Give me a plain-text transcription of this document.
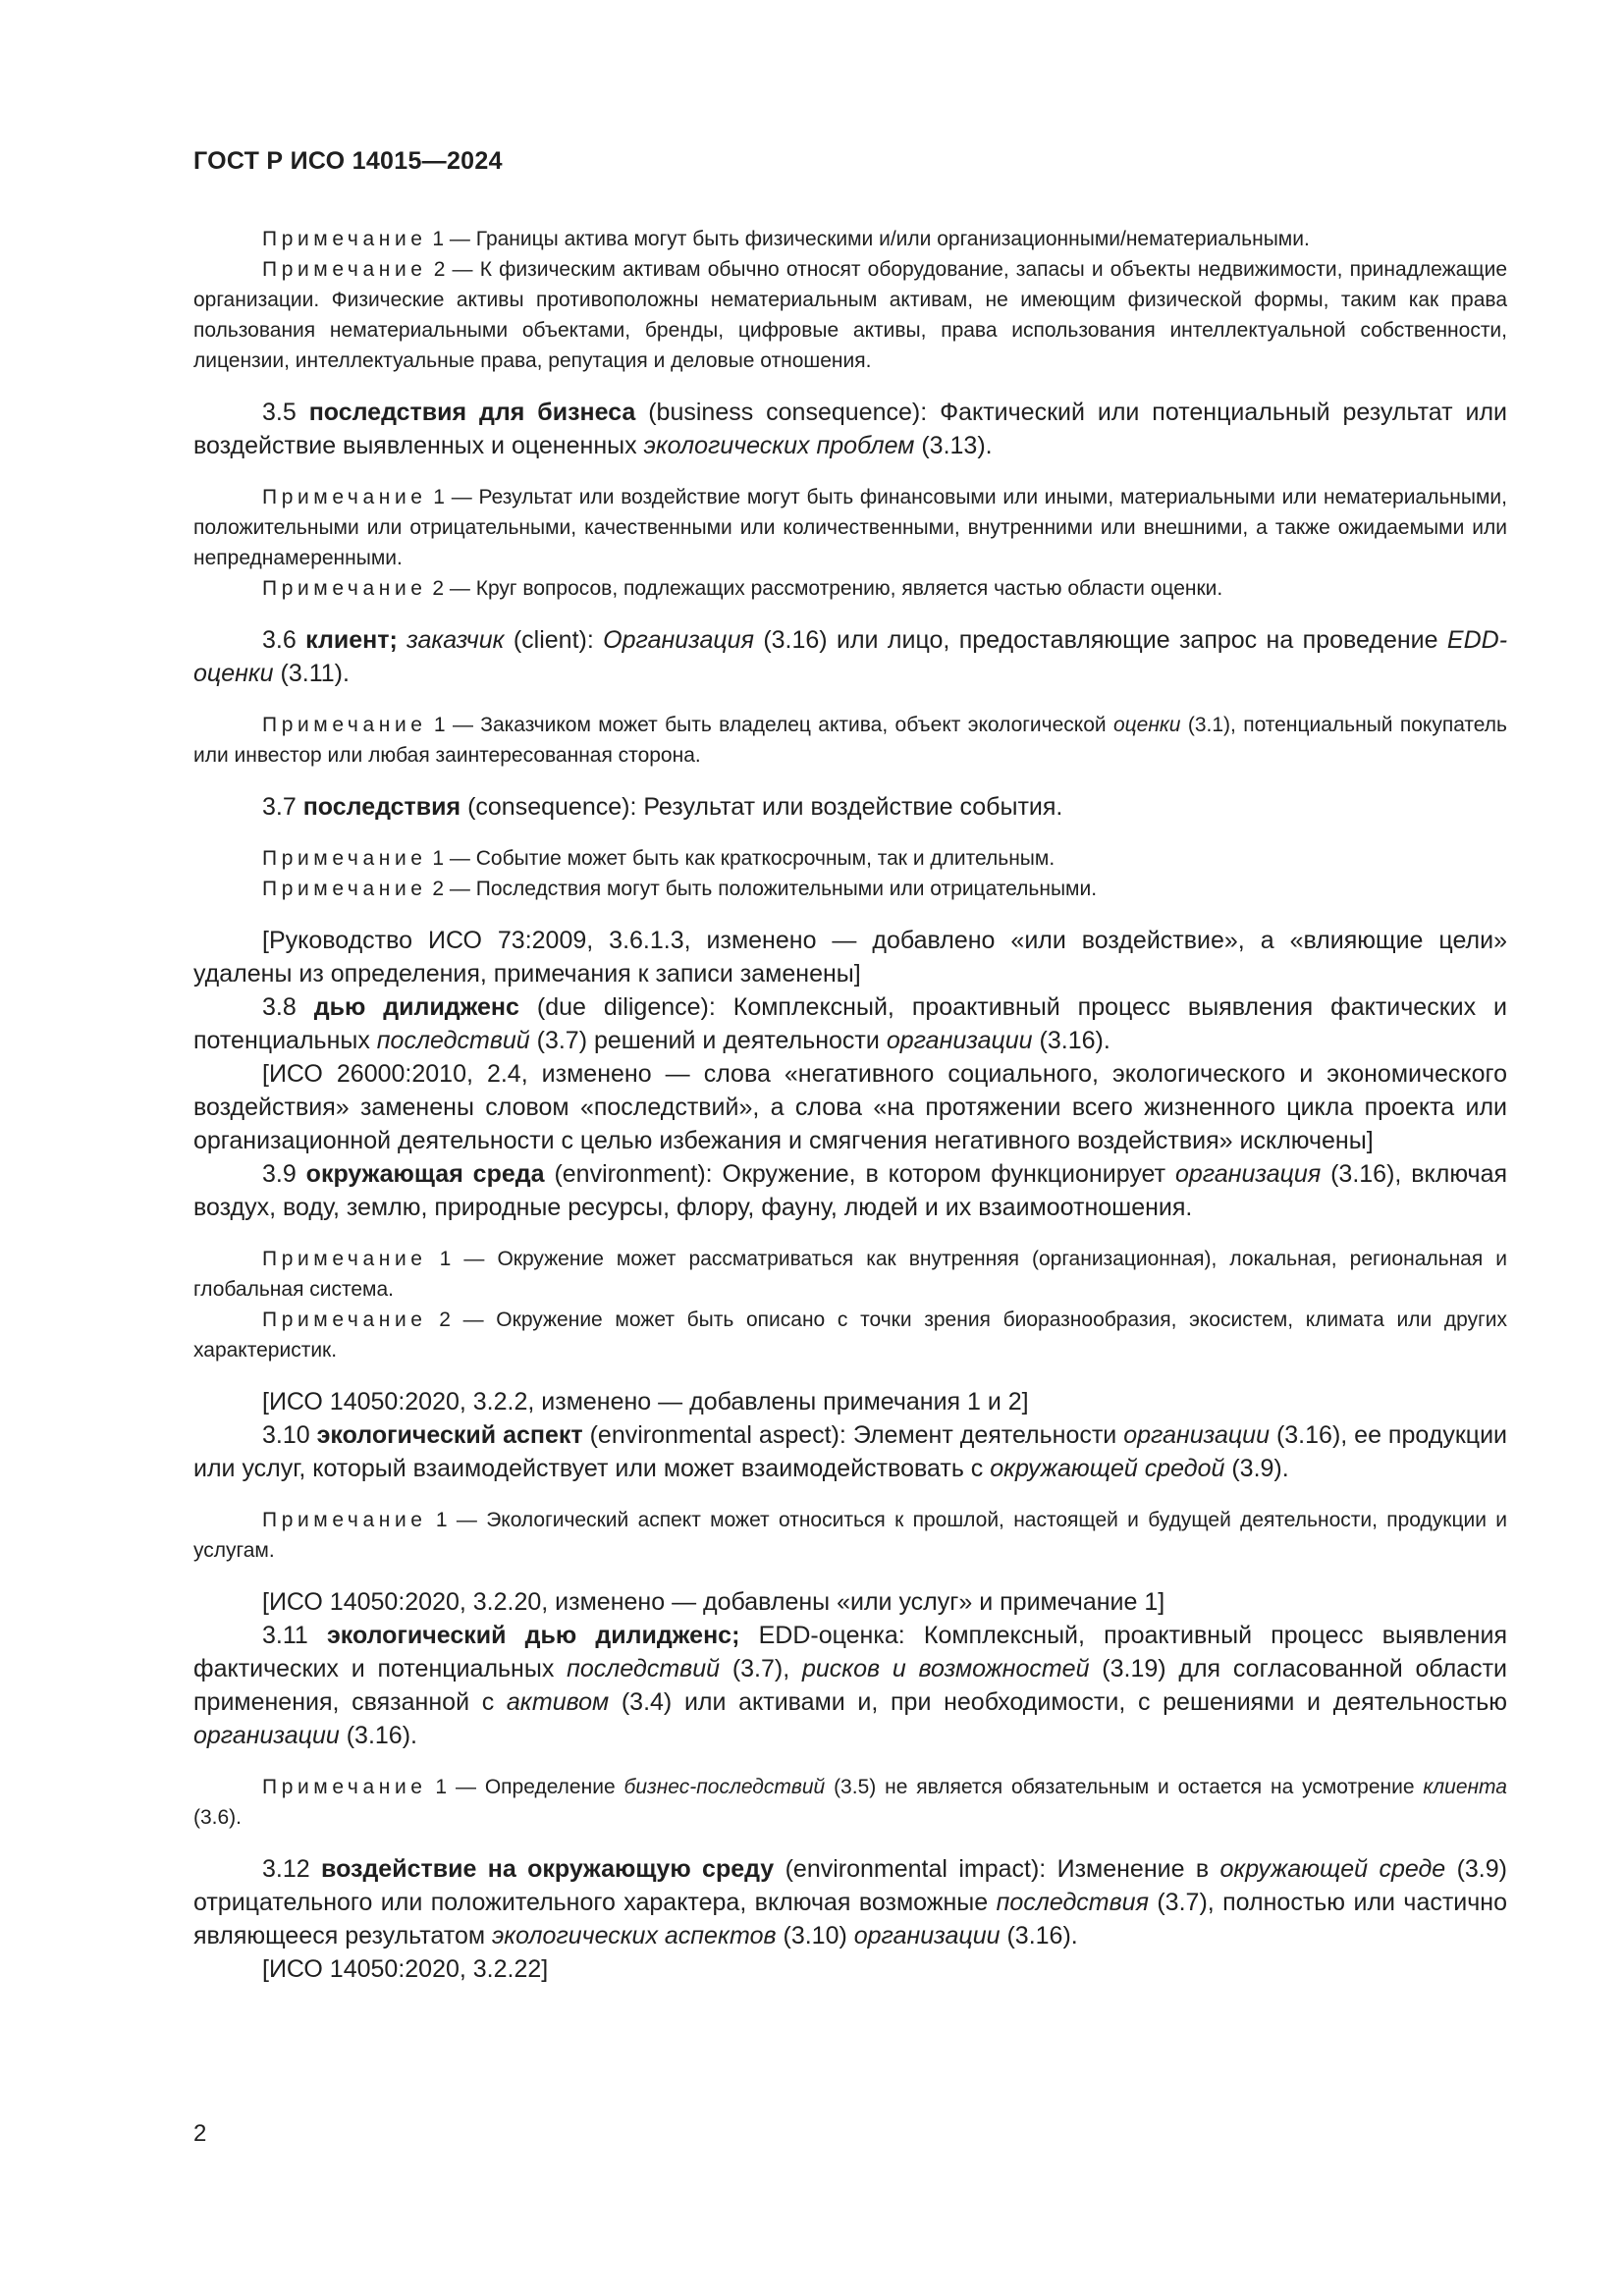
ГОСТ Р ИСО 14015—2024

Примечание 1 — Границы актива могут быть физическими и/или организационными/нематериальными.

Примечание 2 — К физическим активам обычно относят оборудование, запасы и объекты недвижимости, принадлежащие организации. Физические активы противоположны нематериальным активам, не имеющим физической формы, таким как права пользования нематериальными объектами, бренды, цифровые активы, права использования интеллектуальной собственности, лицензии, интеллектуальные права, репутация и деловые отношения.

3.5 последствия для бизнеса (business consequence): Фактический или потенциальный результат или воздействие выявленных и оцененных экологических проблем (3.13).

Примечание 1 — Результат или воздействие могут быть финансовыми или иными, материальными или нематериальными, положительными или отрицательными, качественными или количественными, внутренними или внешними, а также ожидаемыми или непреднамеренными.

Примечание 2 — Круг вопросов, подлежащих рассмотрению, является частью области оценки.

3.6 клиент; заказчик (client): Организация (3.16) или лицо, предоставляющие запрос на проведение EDD-оценки (3.11).

Примечание 1 — Заказчиком может быть владелец актива, объект экологической оценки (3.1), потенциальный покупатель или инвестор или любая заинтересованная сторона.

3.7 последствия (consequence): Результат или воздействие события.

Примечание 1 — Событие может быть как краткосрочным, так и длительным.

Примечание 2 — Последствия могут быть положительными или отрицательными.

[Руководство ИСО 73:2009, 3.6.1.3, изменено — добавлено «или воздействие», а «влияющие цели» удалены из определения, примечания к записи заменены]

3.8 дью дилидженс (due diligence): Комплексный, проактивный процесс выявления фактических и потенциальных последствий (3.7) решений и деятельности организации (3.16).

[ИСО 26000:2010, 2.4, изменено — слова «негативного социального, экологического и экономического воздействия» заменены словом «последствий», а слова «на протяжении всего жизненного цикла проекта или организационной деятельности с целью избежания и смягчения негативного воздействия» исключены]

3.9 окружающая среда (environment): Окружение, в котором функционирует организация (3.16), включая воздух, воду, землю, природные ресурсы, флору, фауну, людей и их взаимоотношения.

Примечание 1 — Окружение может рассматриваться как внутренняя (организационная), локальная, региональная и глобальная система.

Примечание 2 — Окружение может быть описано с точки зрения биоразнообразия, экосистем, климата или других характеристик.

[ИСО 14050:2020, 3.2.2, изменено — добавлены примечания 1 и 2]

3.10 экологический аспект (environmental aspect): Элемент деятельности организации (3.16), ее продукции или услуг, который взаимодействует или может взаимодействовать с окружающей средой (3.9).

Примечание 1 — Экологический аспект может относиться к прошлой, настоящей и будущей деятельности, продукции и услугам.

[ИСО 14050:2020, 3.2.20, изменено — добавлены «или услуг» и примечание 1]

3.11 экологический дью дилидженс; EDD-оценка: Комплексный, проактивный процесс выявления фактических и потенциальных последствий (3.7), рисков и возможностей (3.19) для согласованной области применения, связанной с активом (3.4) или активами и, при необходимости, с решениями и деятельностью организации (3.16).

Примечание 1 — Определение бизнес-последствий (3.5) не является обязательным и остается на усмотрение клиента (3.6).

3.12 воздействие на окружающую среду (environmental impact): Изменение в окружающей среде (3.9) отрицательного или положительного характера, включая возможные последствия (3.7), полностью или частично являющееся результатом экологических аспектов (3.10) организации (3.16).

[ИСО 14050:2020, 3.2.22]

2
